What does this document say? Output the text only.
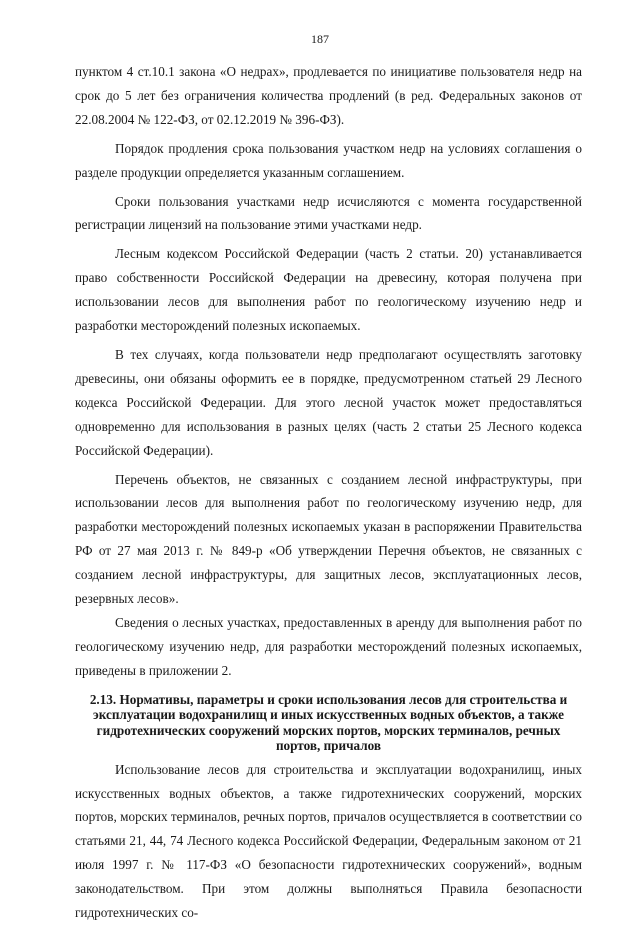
187

пунктом 4 ст.10.1 закона «О недрах», продлевается по инициативе пользователя недр на срок до 5 лет без ограничения количества продлений (в ред. Федеральных законов от 22.08.2004 № 122-ФЗ, от 02.12.2019 № 396-ФЗ).

Порядок продления срока пользования участком недр на условиях соглашения о разделе продукции определяется указанным соглашением.

Сроки пользования участками недр исчисляются с момента государственной регистрации лицензий на пользование этими участками недр.

Лесным кодексом Российской Федерации (часть 2 статьи. 20) устанавливается право собственности Российской Федерации на древесину, которая получена при использовании лесов для выполнения работ по геологическому изучению недр и разработки месторождений полезных ископаемых.

В тех случаях, когда пользователи недр предполагают осуществлять заготовку древесины, они обязаны оформить ее в порядке, предусмотренном статьей 29 Лесного кодекса Российской Федерации. Для этого лесной участок может предоставляться одновременно для использования в разных целях (часть 2 статьи 25 Лесного кодекса Российской Федерации).

Перечень объектов, не связанных с созданием лесной инфраструктуры, при использовании лесов для выполнения работ по геологическому изучению недр, для разработки месторождений полезных ископаемых указан в распоряжении Правительства РФ от 27 мая 2013 г. № 849-р «Об утверждении Перечня объектов, не связанных с созданием лесной инфраструктуры, для защитных лесов, эксплуатационных лесов, резервных лесов».

Сведения о лесных участках, предоставленных в аренду для выполнения работ по геологическому изучению недр, для разработки месторождений полезных ископаемых, приведены в приложении 2.

2.13. Нормативы, параметры и сроки использования лесов для строительства и эксплуатации водохранилищ и иных искусственных водных объектов, а также гидротехнических сооружений морских портов, морских терминалов, речных портов, причалов

Использование лесов для строительства и эксплуатации водохранилищ, иных искусственных водных объектов, а также гидротехнических сооружений, морских портов, морских терминалов, речных портов, причалов осуществляется в соответствии со статьями 21, 44, 74 Лесного кодекса Российской Федерации, Федеральным законом от 21 июля 1997 г. № 117-ФЗ «О безопасности гидротехнических сооружений», водным законодательством. При этом должны выполняться Правила безопасности гидротехнических со-
